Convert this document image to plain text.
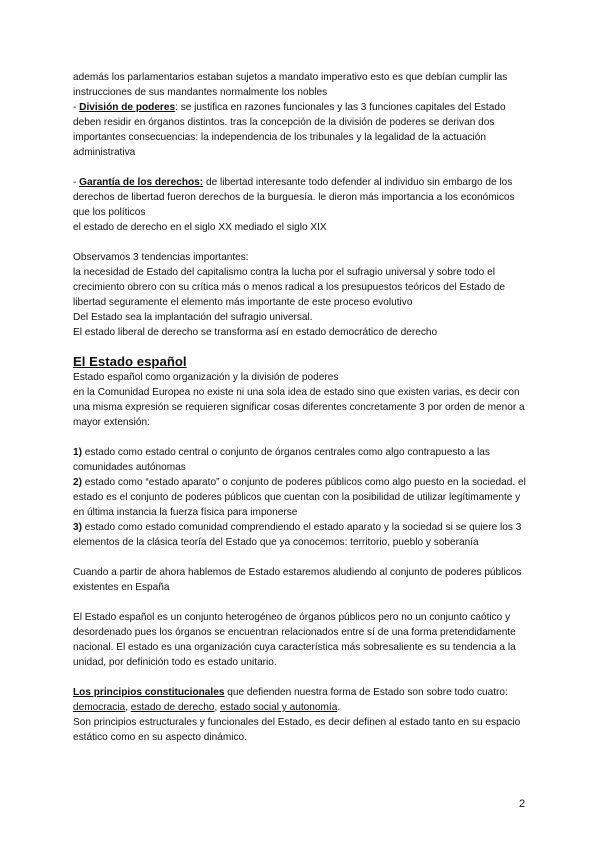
además los parlamentarios estaban sujetos a mandato imperativo esto es que debían cumplir las instrucciones de sus mandantes normalmente los nobles

- División de poderes: se justifica en razones funcionales y las 3 funciones capitales del Estado deben residir en órganos distintos. tras la concepción de la división de poderes se derivan dos importantes consecuencias: la independencia de los tribunales y la legalidad de la actuación administrativa

- Garantía de los derechos: de libertad interesante todo defender al individuo sin embargo de los derechos de libertad fueron derechos de la burguesía. le dieron más importancia a los económicos que los políticos

el estado de derecho en el siglo XX mediado el siglo XIX

Observamos 3 tendencias importantes:

la necesidad de Estado del capitalismo contra la lucha por el sufragio universal y sobre todo el crecimiento obrero con su crítica más o menos radical a los presupuestos teóricos del Estado de libertad seguramente el elemento más importante de este proceso evolutivo

Del Estado sea la implantación del sufragio universal.

El estado liberal de derecho se transforma así en estado democrático de derecho

El Estado español

Estado español como organización y la división de poderes

en la Comunidad Europea no existe ni una sola idea de estado sino que existen varias, es decir con una misma expresión se requieren significar cosas diferentes concretamente 3 por orden de menor a mayor extensión:

1) estado como estado central o conjunto de órganos centrales como algo contrapuesto a las comunidades autónomas

2) estado como “estado aparato” o conjunto de poderes públicos como algo puesto en la sociedad. el estado es el conjunto de poderes públicos que cuentan con la posibilidad de utilizar legítimamente y en última instancia la fuerza física para imponerse

3) estado como estado comunidad comprendiendo el estado aparato y la sociedad si se quiere los 3 elementos de la clásica teoría del Estado que ya conocemos: territorio, pueblo y soberanía

Cuando a partir de ahora hablemos de Estado estaremos aludiendo al conjunto de poderes públicos existentes en España

El Estado español es un conjunto heterogéneo de órganos públicos pero no un conjunto caótico y desordenado pues los órganos se encuentran relacionados entre sí de una forma pretendidamente nacional. El estado es una organización cuya característica más sobresaliente es su tendencia a la unidad, por definición todo es estado unitario.

Los principios constitucionales que defienden nuestra forma de Estado son sobre todo cuatro: democracia, estado de derecho, estado social y autonomía.

Son principios estructurales y funcionales del Estado, es decir definen al estado tanto en su espacio estático como en su aspecto dinámico.

2
